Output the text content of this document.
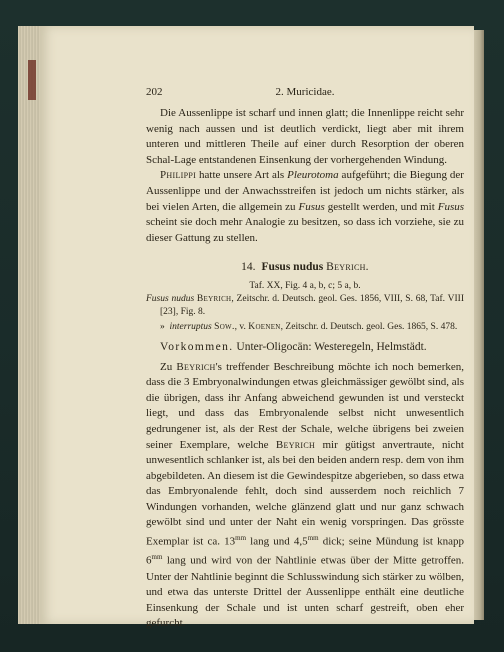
202	2. Muricidae.

Die Aussenlippe ist scharf und innen glatt; die Innenlippe reicht sehr wenig nach aussen und ist deutlich verdickt, liegt aber mit ihrem unteren und mittleren Theile auf einer durch Resorption der oberen Schal-Lage entstandenen Einsenkung der vorhergehenden Windung.

Philippi hatte unsere Art als Pleurotoma aufgeführt; die Biegung der Aussenlippe und der Anwachsstreifen ist jedoch um nichts stärker, als bei vielen Arten, die allgemein zu Fusus gestellt werden, und mit Fusus scheint sie doch mehr Analogie zu besitzen, so dass ich vorziehe, sie zu dieser Gattung zu stellen.

14. Fusus nudus Beyrich.

Taf. XX, Fig. 4 a, b, c; 5 a, b.

Fusus nudus Beyrich, Zeitschr. d. Deutsch. geol. Ges. 1856, VIII, S. 68, Taf. VIII [23], Fig. 8.

» interruptus Sow., v. Koenen, Zeitschr. d. Deutsch. geol. Ges. 1865, S. 478.

Vorkommen. Unter-Oligocän: Westeregeln, Helmstädt.

Zu Beyrich's treffender Beschreibung möchte ich noch bemerken, dass die 3 Embryonalwindungen etwas gleichmässiger gewölbt sind, als die übrigen, dass ihr Anfang abweichend gewunden ist und versteckt liegt, und dass das Embryonalende selbst nicht unwesentlich gedrungener ist, als der Rest der Schale, welche übrigens bei zweien seiner Exemplare, welche Beyrich mir gütigst anvertraute, nicht unwesentlich schlanker ist, als bei den beiden andern resp. dem von ihm abgebildeten. An diesem ist die Gewindespitze abgerieben, so dass etwa das Embryonalende fehlt, doch sind ausserdem noch reichlich 7 Windungen vorhanden, welche glänzend glatt und nur ganz schwach gewölbt sind und unter der Naht ein wenig vorspringen. Das grösste Exemplar ist ca. $13^{mm}$ lang und $4,5^{mm}$ dick; seine Mündung ist knapp $6^{mm}$ lang und wird von der Nahtlinie etwas über der Mitte getroffen. Unter der Nahtlinie beginnt die Schlusswindung sich stärker zu wölben, und etwa das unterste Drittel der Aussenlippe enthält eine deutliche Einsenkung der Schale und ist unten scharf gestreift, oben eher gefurcht.
